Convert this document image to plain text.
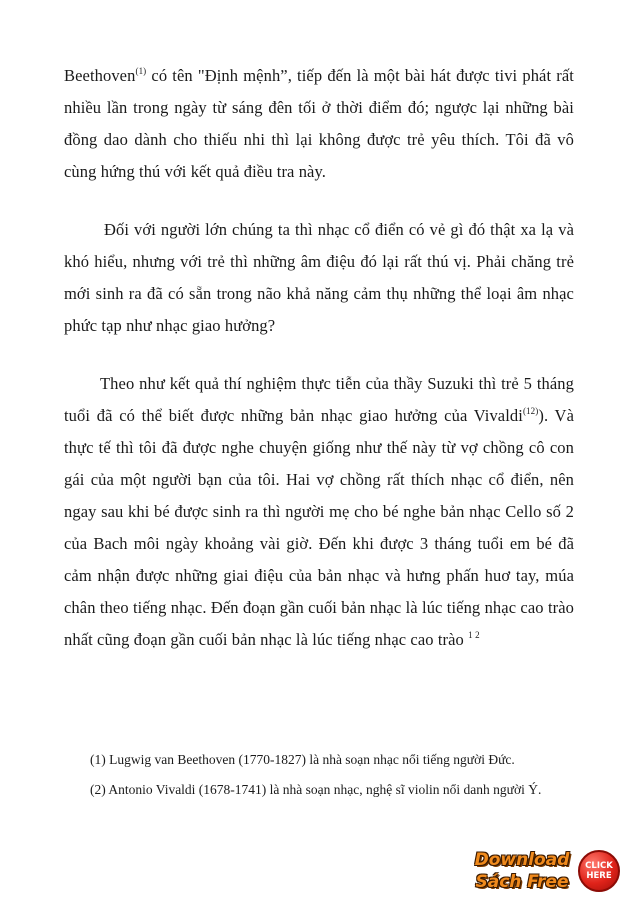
Beethoven$^{(1)}$ có tên "Định mệnh”, tiếp đến là một bài hát được tivi phát rất nhiều lần trong ngày từ sáng đên tối ở thời điểm đó; ngược lại những bài đồng dao dành cho thiếu nhi thì lại không được trẻ yêu thích. Tôi đã vô cùng hứng thú với kết quả điều tra này.

Đối với người lớn chúng ta thì nhạc cổ điển có vẻ gì đó thật xa lạ và khó hiểu, nhưng với trẻ thì những âm điệu đó lại rất thú vị. Phải chăng trẻ mới sinh ra đã có sẵn trong não khả năng cảm thụ những thể loại âm nhạc phức tạp như nhạc giao hưởng?

Theo như kết quả thí nghiệm thực tiễn của thầy Suzuki thì trẻ 5 tháng tuổi đã có thể biết được những bản nhạc giao hưởng của Vivaldi$^{(12)}$). Và thực tế thì tôi đã được nghe chuyện giống như thế này từ vợ chồng cô con gái của một người bạn của tôi. Hai vợ chồng rất thích nhạc cổ điển, nên ngay sau khi bé được sinh ra thì người mẹ cho bé nghe bản nhạc Cello số 2 của Bach môi ngày khoảng vài giờ. Đến khi được 3 tháng tuổi em bé đã cảm nhận được những giai điệu của bản nhạc và hưng phấn huơ tay, múa chân theo tiếng nhạc. Đến đoạn gần cuối bản nhạc là lúc tiếng nhạc cao trào nhất cũng đoạn gần cuối bản nhạc là lúc tiếng nhạc cao trào $^{1 2}$

(1) Lugwig van Beethoven (1770-1827) là nhà soạn nhạc nổi tiếng người Đức.

(2) Antonio Vivaldi (1678-1741) là nhà soạn nhạc, nghệ sĩ violin nổi danh người Ý.

Download
Sách Free
CLICK
HERE
